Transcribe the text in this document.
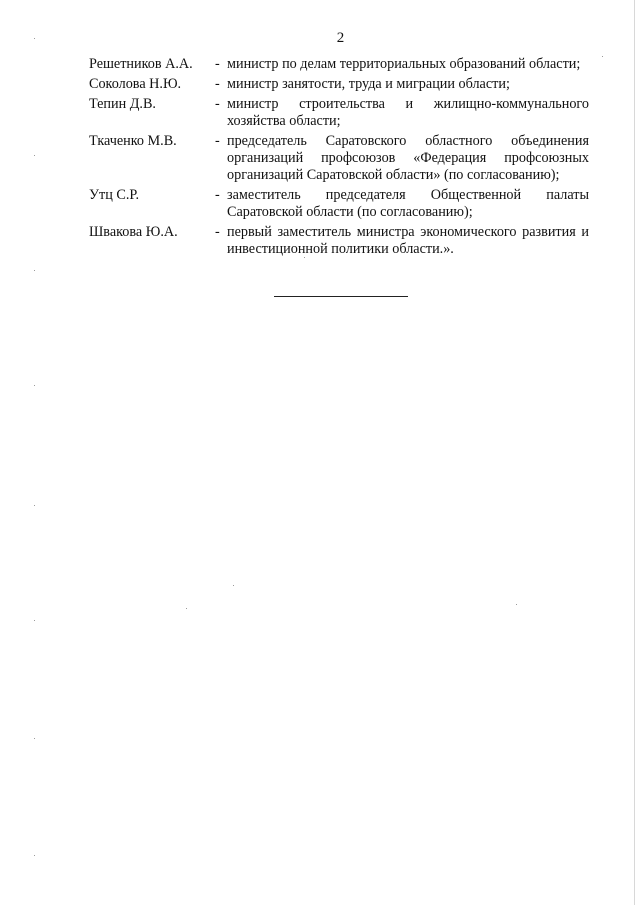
2
Решетников А.А.	- министр по делам территориальных образований области;
Соколова Н.Ю.	- министр занятости, труда и миграции области;
Тепин Д.В.	- министр строительства и жилищно-коммунального хозяйства области;
Ткаченко М.В.	- председатель Саратовского областного объединения организаций профсоюзов «Федерация профсоюзных организаций Саратовской области» (по согласованию);
Утц С.Р.	- заместитель председателя Общественной палаты Саратовской области (по согласованию);
Швакова Ю.А.	- первый заместитель министра экономического развития и инвестиционной политики области.».
